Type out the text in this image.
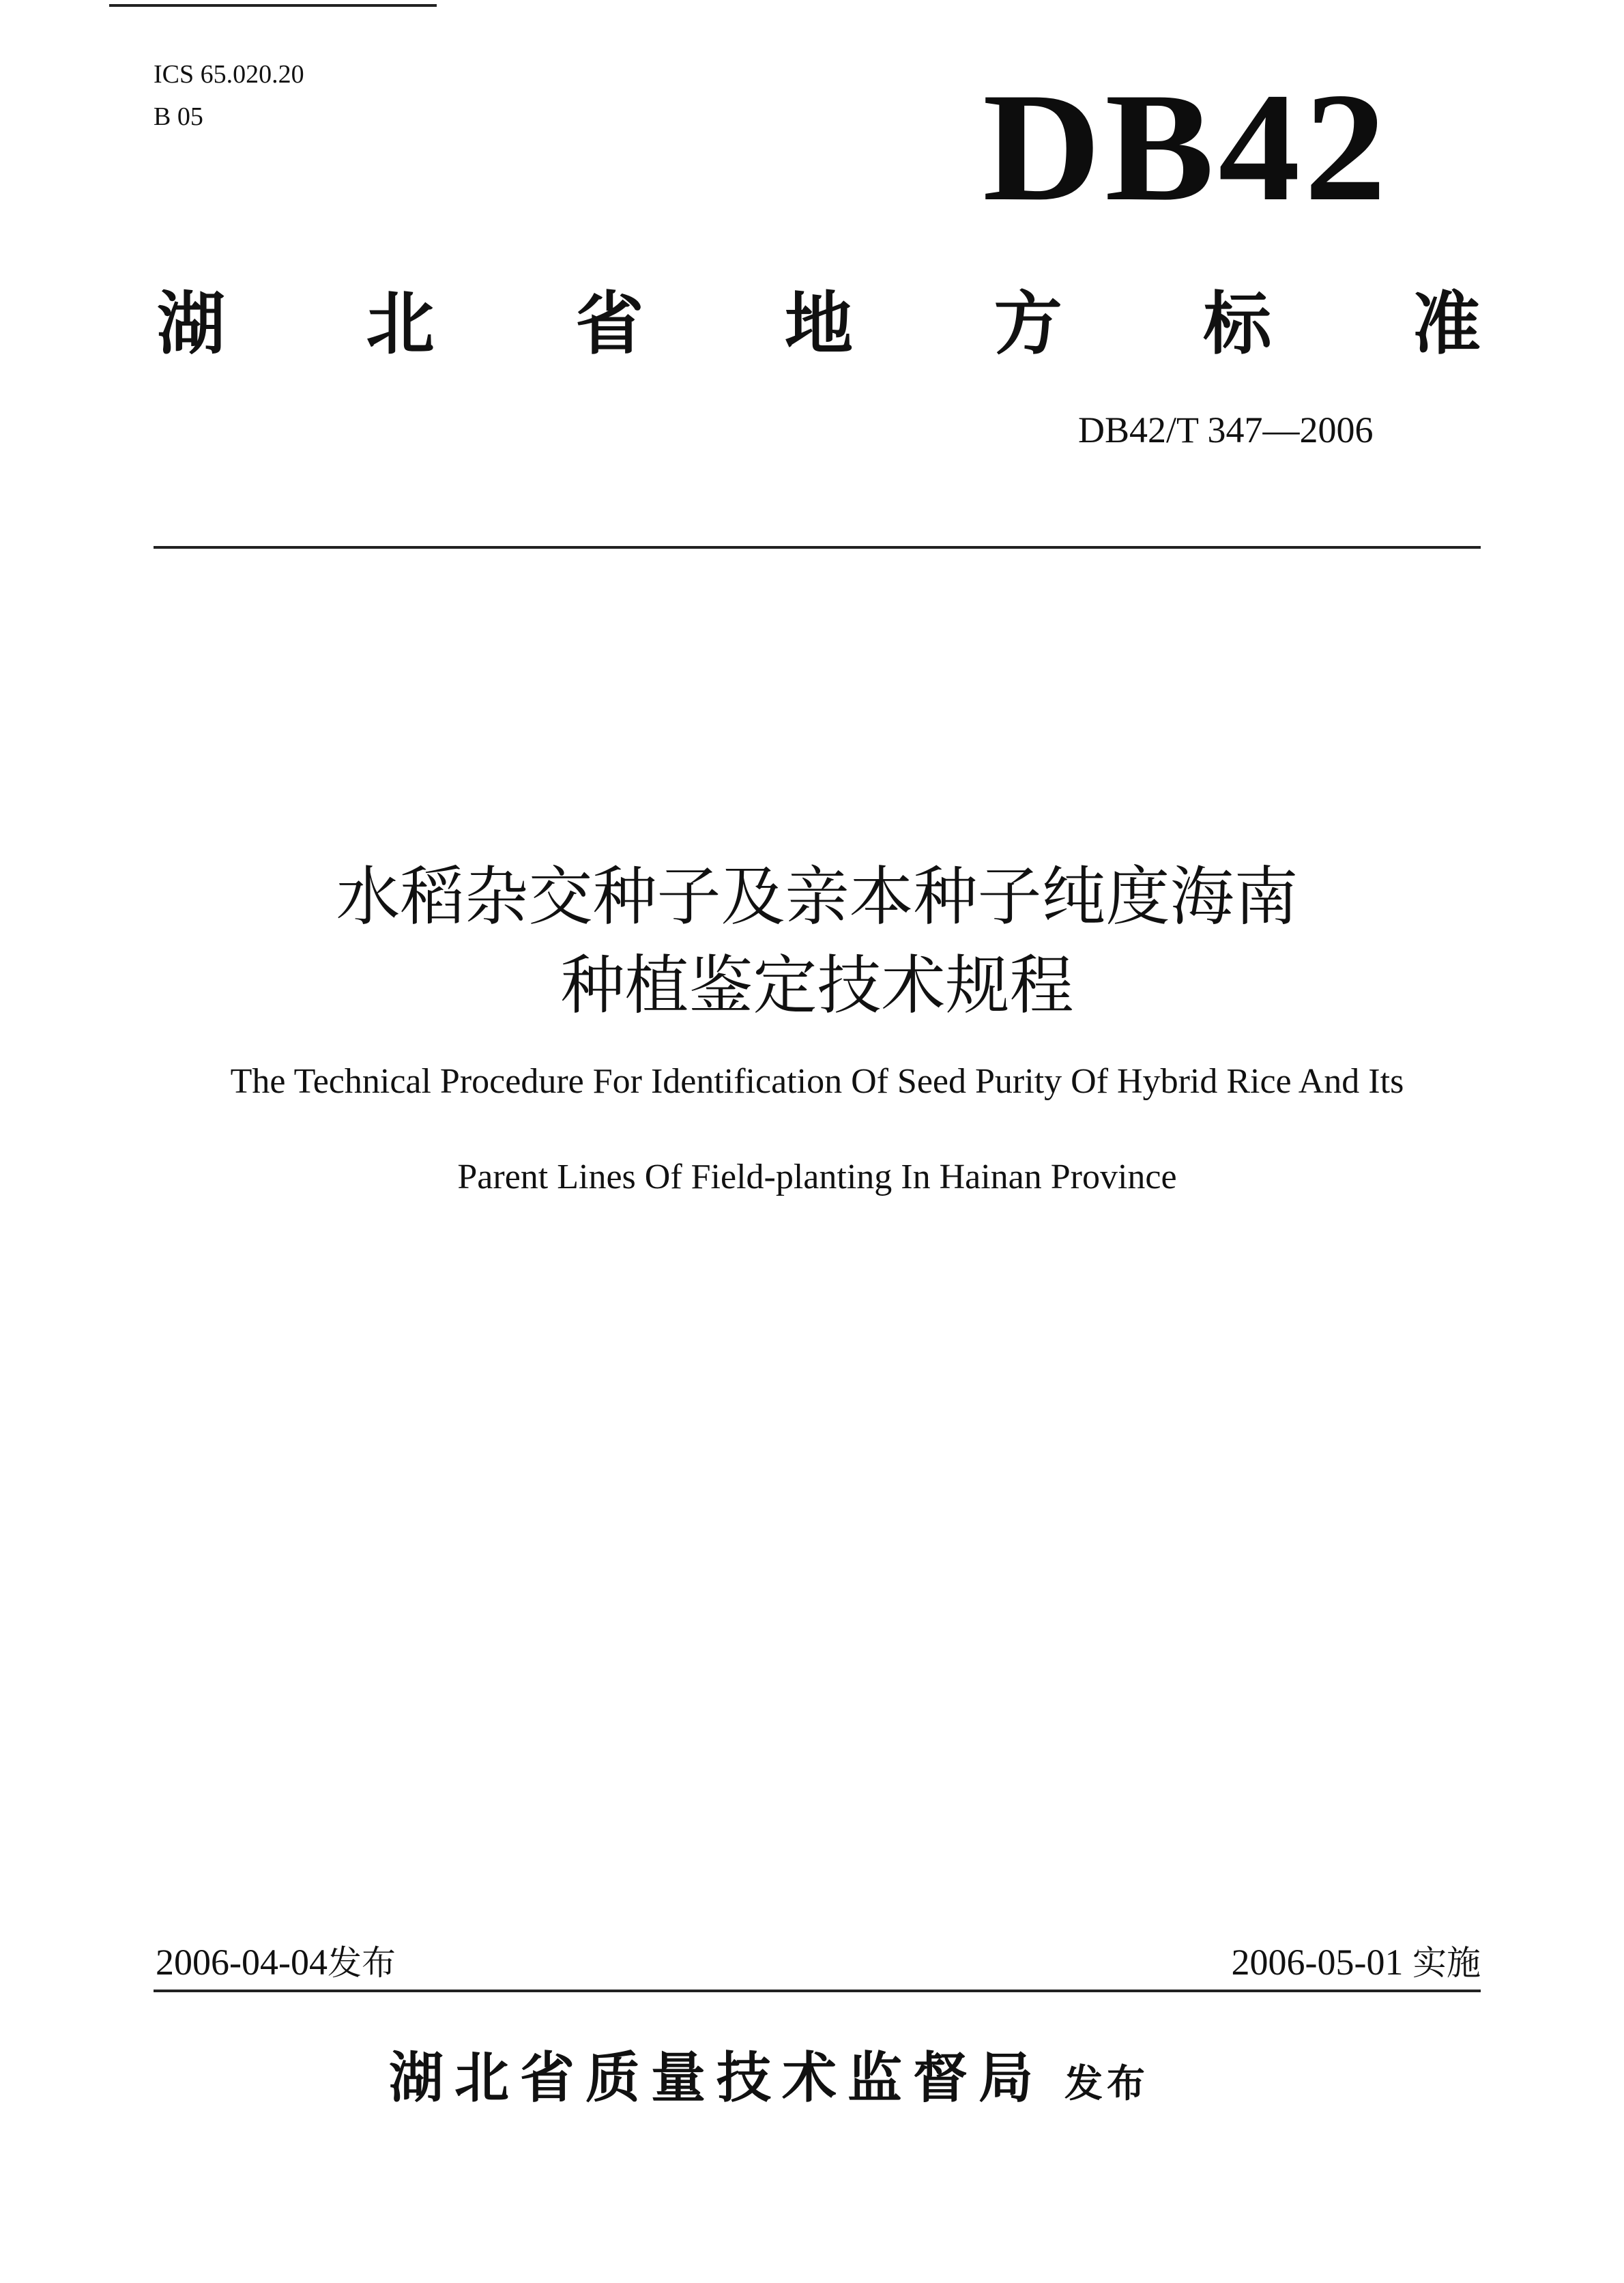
ICS 65.020.20
B 05	DB42
湖 北 省 地 方 标 准
DB42/T 347—2006
水稻杂交种子及亲本种子纯度海南
种植鉴定技术规程
The Technical Procedure For Identification Of Seed Purity Of Hybrid Rice And Its
Parent Lines Of Field-planting In Hainan Province
2006-04-04发布	2006-05-01 实施
湖北省质量技术监督局 发布
